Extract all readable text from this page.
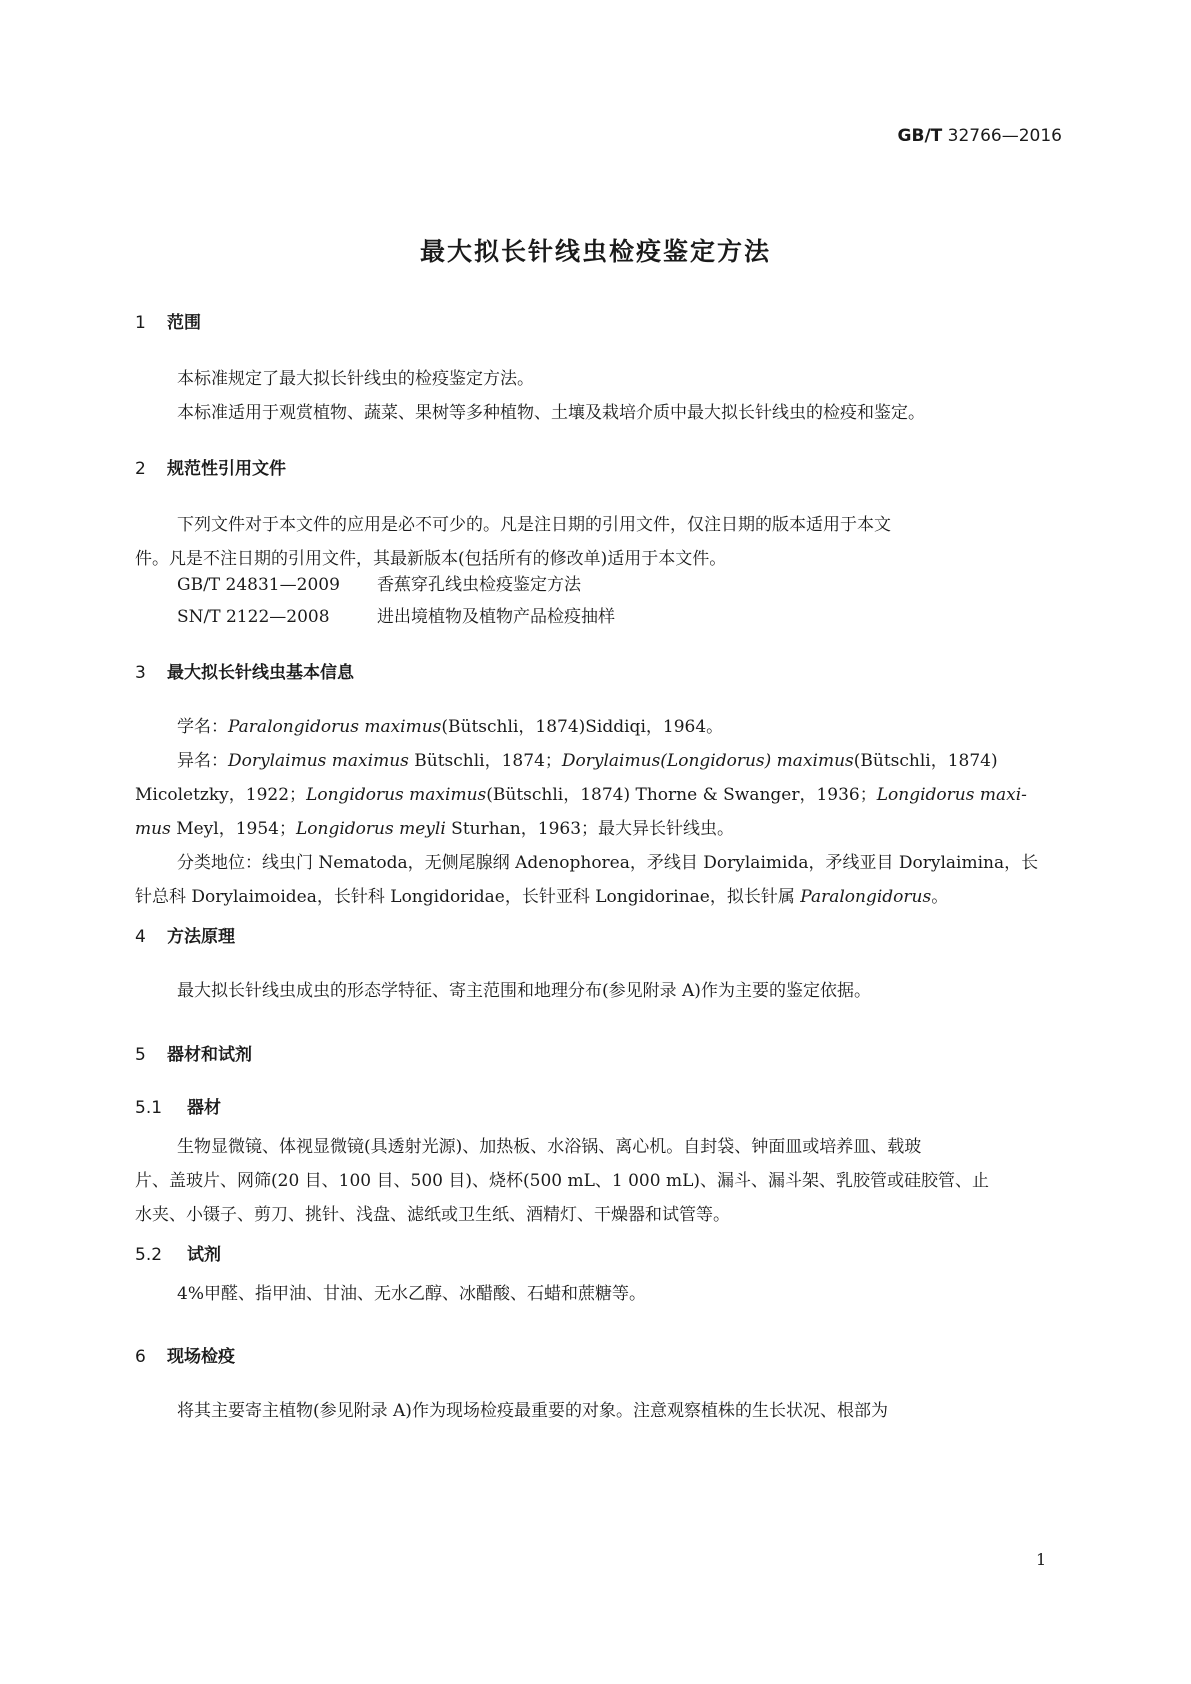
GB/T 32766—2016
最大拟长针线虫检疫鉴定方法
1 范围
本标准规定了最大拟长针线虫的检疫鉴定方法。
本标准适用于观赏植物、蔬菜、果树等多种植物、土壤及栽培介质中最大拟长针线虫的检疫和鉴定。
2 规范性引用文件
下列文件对于本文件的应用是必不可少的。凡是注日期的引用文件，仅注日期的版本适用于本文
件。凡是不注日期的引用文件，其最新版本(包括所有的修改单)适用于本文件。
GB/T 24831—2009 香蕉穿孔线虫检疫鉴定方法
SN/T 2122—2008	进出境植物及植物产品检疫抽样
3 最大拟长针线虫基本信息
学名：Paralongidorus maximus(Bütschli，1874)Siddiqi，1964。
异名：Dorylaimus maximus Bütschli，1874；Dorylaimus(Longidorus) maximus(Bütschli，1874)
Micoletzky，1922；Longidorus maximus(Bütschli，1874) Thorne & Swanger，1936；Longidorus maxi-
mus Meyl，1954；Longidorus meyli Sturhan，1963；最大异长针线虫。
分类地位：线虫门 Nematoda，无侧尾腺纲 Adenophorea，矛线目 Dorylaimida，矛线亚目 Dorylaimina，长
针总科 Dorylaimoidea，长针科 Longidoridae，长针亚科 Longidorinae，拟长针属 Paralongidorus。
4 方法原理
最大拟长针线虫成虫的形态学特征、寄主范围和地理分布(参见附录 A)作为主要的鉴定依据。
5 器材和试剂
5.1 器材
生物显微镜、体视显微镜(具透射光源)、加热板、水浴锅、离心机。自封袋、钟面皿或培养皿、载玻
片、盖玻片、网筛(20 目、100 目、500 目)、烧杯(500 mL、1 000 mL)、漏斗、漏斗架、乳胶管或硅胶管、止
水夹、小镊子、剪刀、挑针、浅盘、滤纸或卫生纸、酒精灯、干燥器和试管等。
5.2 试剂
4%甲醛、指甲油、甘油、无水乙醇、冰醋酸、石蜡和蔗糖等。
6 现场检疫
将其主要寄主植物(参见附录 A)作为现场检疫最重要的对象。注意观察植株的生长状况、根部为
1
